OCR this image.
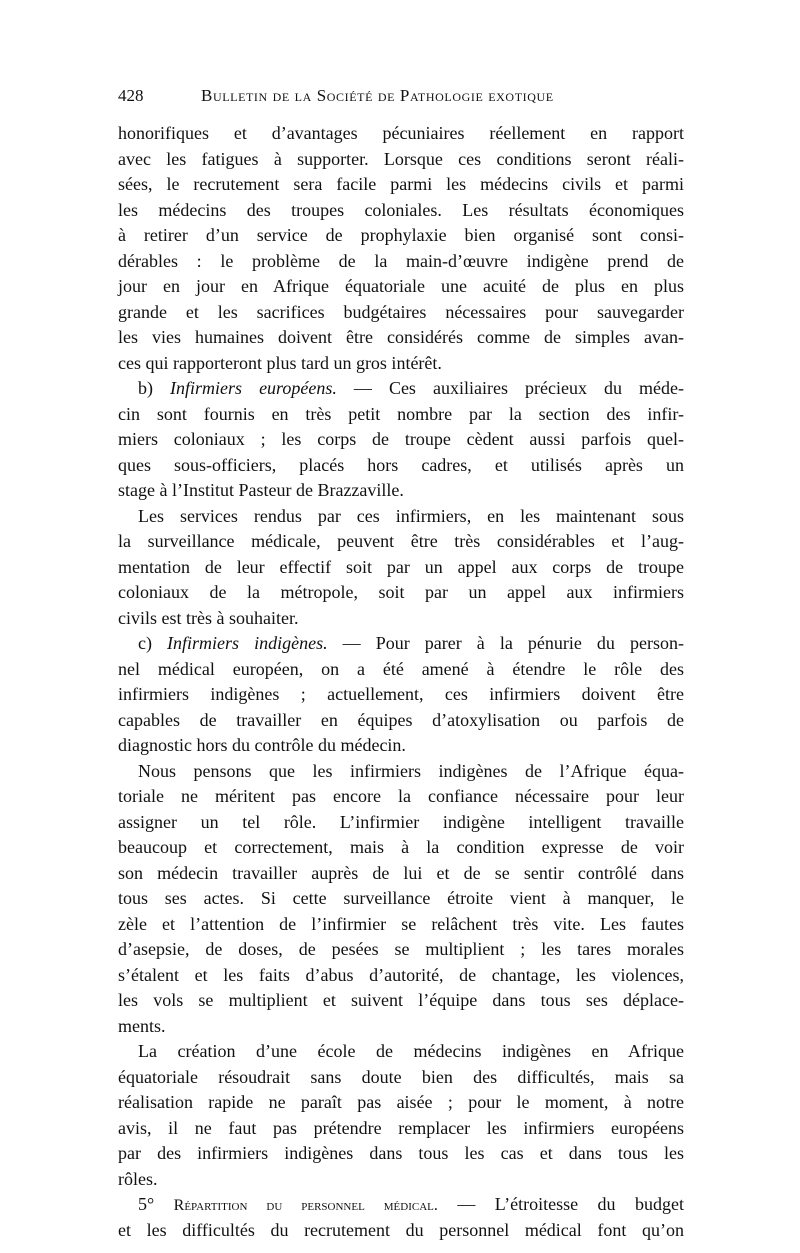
428	Bulletin de la Société de Pathologie exotique
honorifiques et d’avantages pécuniaires réellement en rapport
avec les fatigues à supporter. Lorsque ces conditions seront réali-
sées, le recrutement sera facile parmi les médecins civils et parmi
les médecins des troupes coloniales. Les résultats économiques
à retirer d’un service de prophylaxie bien organisé sont consi-
dérables : le problème de la main-d’œuvre indigène prend de
jour en jour en Afrique équatoriale une acuité de plus en plus
grande et les sacrifices budgétaires nécessaires pour sauvegarder
les vies humaines doivent être considérés comme de simples avan-
ces qui rapporteront plus tard un gros intérêt.
b) Infirmiers européens. — Ces auxiliaires précieux du méde-
cin sont fournis en très petit nombre par la section des infir-
miers coloniaux ; les corps de troupe cèdent aussi parfois quel-
ques sous-officiers, placés hors cadres, et utilisés après un
stage à l’Institut Pasteur de Brazzaville.
Les services rendus par ces infirmiers, en les maintenant sous
la surveillance médicale, peuvent être très considérables et l’aug-
mentation de leur effectif soit par un appel aux corps de troupe
coloniaux de la métropole, soit par un appel aux infirmiers
civils est très à souhaiter.
c) Infirmiers indigènes. — Pour parer à la pénurie du person-
nel médical européen, on a été amené à étendre le rôle des
infirmiers indigènes ; actuellement, ces infirmiers doivent être
capables de travailler en équipes d’atoxylisation ou parfois de
diagnostic hors du contrôle du médecin.
Nous pensons que les infirmiers indigènes de l’Afrique équa-
toriale ne méritent pas encore la confiance nécessaire pour leur
assigner un tel rôle. L’infirmier indigène intelligent travaille
beaucoup et correctement, mais à la condition expresse de voir
son médecin travailler auprès de lui et de se sentir contrôlé dans
tous ses actes. Si cette surveillance étroite vient à manquer, le
zèle et l’attention de l’infirmier se relâchent très vite. Les fautes
d’asepsie, de doses, de pesées se multiplient ; les tares morales
s’étalent et les faits d’abus d’autorité, de chantage, les violences,
les vols se multiplient et suivent l’équipe dans tous ses déplace-
ments.
La création d’une école de médecins indigènes en Afrique
équatoriale résoudrait sans doute bien des difficultés, mais sa
réalisation rapide ne paraît pas aisée ; pour le moment, à notre
avis, il ne faut pas prétendre remplacer les infirmiers européens
par des infirmiers indigènes dans tous les cas et dans tous les
rôles.
5° Répartition du personnel médical. — L’étroitesse du budget
et les difficultés du recrutement du personnel médical font qu’on
